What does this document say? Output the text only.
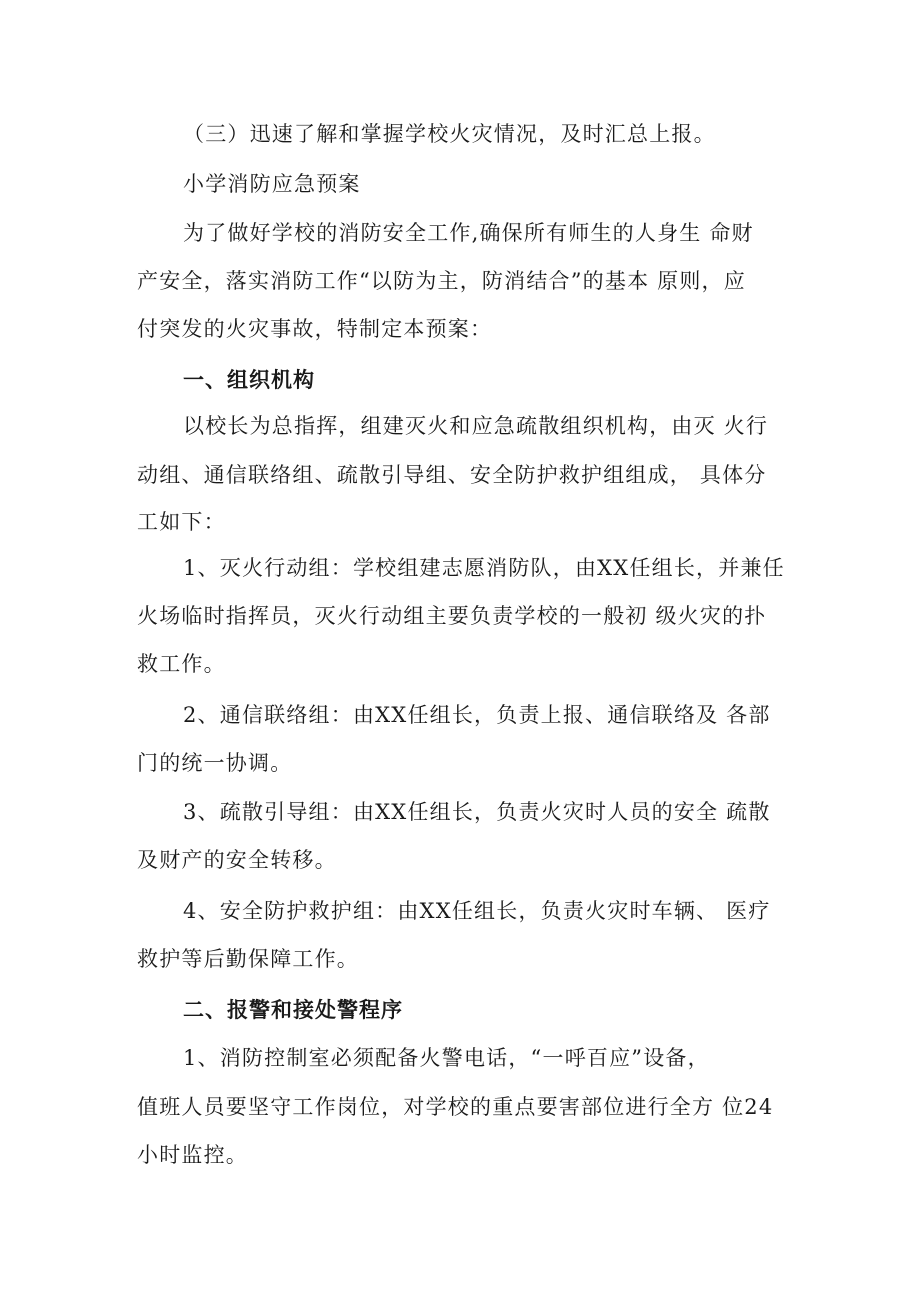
（三）迅速了解和掌握学校火灾情况，及时汇总上报。
小学消防应急预案
为了做好学校的消防安全工作,确保所有师生的人身生 命财
产安全，落实消防工作“以防为主，防消结合”的基本 原则，应
付突发的火灾事故，特制定本预案：
一、组织机构
以校长为总指挥，组建灭火和应急疏散组织机构，由灭 火行
动组、通信联络组、疏散引导组、安全防护救护组组成， 具体分
工如下：
1、灭火行动组：学校组建志愿消防队，由XX任组长，并兼任
火场临时指挥员，灭火行动组主要负责学校的一般初 级火灾的扑
救工作。
2、通信联络组：由XX任组长，负责上报、通信联络及 各部
门的统一协调。
3、疏散引导组：由XX任组长，负责火灾时人员的安全 疏散
及财产的安全转移。
4、安全防护救护组：由XX任组长，负责火灾时车辆、 医疗
救护等后勤保障工作。
二、报警和接处警程序
1、消防控制室必须配备火警电话，“一呼百应”设备，
值班人员要坚守工作岗位，对学校的重点要害部位进行全方 位24
小时监控。
